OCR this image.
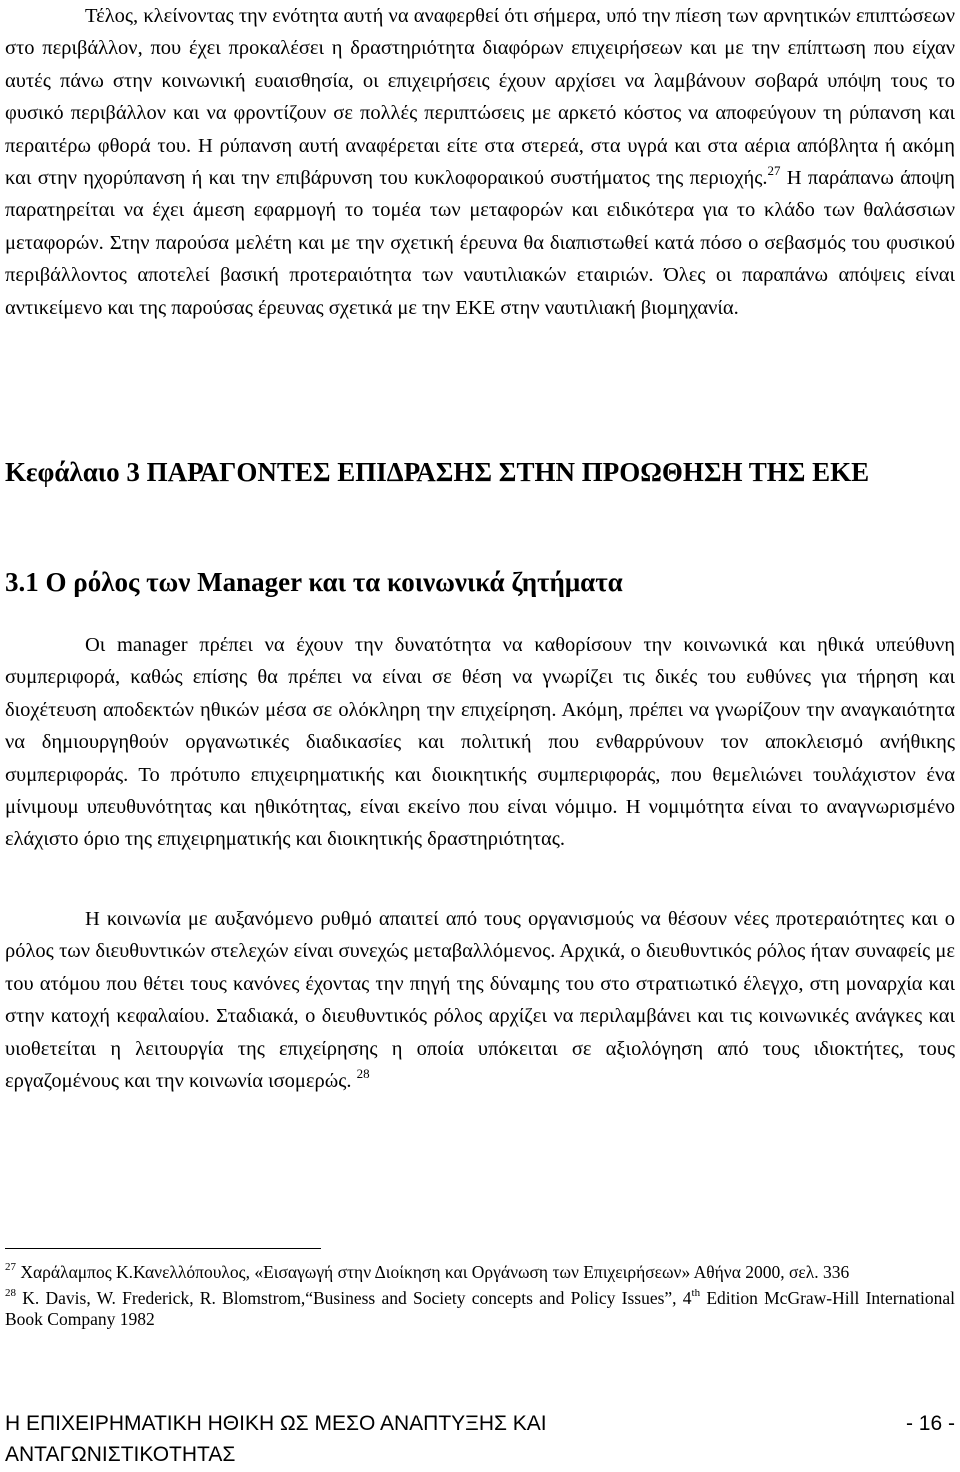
Τέλος, κλείνοντας την ενότητα αυτή να αναφερθεί ότι σήμερα, υπό την πίεση των αρνητικών επιπτώσεων στο περιβάλλον, που έχει προκαλέσει η δραστηριότητα διαφόρων επιχειρήσεων και με την επίπτωση που είχαν αυτές πάνω στην κοινωνική ευαισθησία, οι επιχειρήσεις έχουν αρχίσει να λαμβάνουν σοβαρά υπόψη τους το φυσικό περιβάλλον και να φροντίζουν σε πολλές περιπτώσεις με αρκετό κόστος να αποφεύγουν τη ρύπανση και περαιτέρω φθορά του. Η ρύπανση αυτή αναφέρεται είτε στα στερεά, στα υγρά και στα αέρια απόβλητα ή ακόμη και στην ηχορύπανση ή και την επιβάρυνση του κυκλοφοραικού συστήματος της περιοχής.$^{27}$ Η παράπανω άποψη παρατηρείται να έχει άμεση εφαρμογή το τομέα των μεταφορών και ειδικότερα για το κλάδο των θαλάσσιων μεταφορών. Στην παρούσα μελέτη και με την σχετική έρευνα θα διαπιστωθεί κατά πόσο ο σεβασμός του φυσικού περιβάλλοντος αποτελεί βασική προτεραιότητα των ναυτιλιακών εταιριών. Όλες οι παραπάνω απόψεις είναι αντικείμενο και της παρούσας έρευνας σχετικά με την ΕΚΕ στην ναυτιλιακή βιομηχανία.

Κεφάλαιο 3 ΠΑΡΑΓΟΝΤΕΣ ΕΠΙΔΡΑΣΗΣ ΣΤΗΝ ΠΡΟΩΘΗΣΗ ΤΗΣ ΕΚΕ
3.1 Ο ρόλος των Manager και τα κοινωνικά ζητήματα

Οι manager πρέπει να έχουν την δυνατότητα να καθορίσουν την κοινωνικά και ηθικά υπεύθυνη συμπεριφορά, καθώς επίσης θα πρέπει να είναι σε θέση να γνωρίζει τις δικές του ευθύνες για τήρηση και διοχέτευση αποδεκτών ηθικών μέσα σε ολόκληρη την επιχείρηση. Ακόμη, πρέπει να γνωρίζουν την αναγκαιότητα να δημιουργηθούν οργανωτικές διαδικασίες και πολιτική που ενθαρρύνουν τον αποκλεισμό ανήθικης συμπεριφοράς. Το πρότυπο επιχειρηματικής και διοικητικής συμπεριφοράς, που θεμελιώνει τουλάχιστον ένα μίνιμουμ υπευθυνότητας και ηθικότητας, είναι εκείνο που είναι νόμιμο. Η νομιμότητα είναι το αναγνωρισμένο ελάχιστο όριο της επιχειρηματικής και διοικητικής δραστηριότητας.

Η κοινωνία με αυξανόμενο ρυθμό απαιτεί από τους οργανισμούς να θέσουν νέες προτεραιότητες και ο ρόλος των διευθυντικών στελεχών είναι συνεχώς μεταβαλλόμενος. Αρχικά, ο διευθυντικός ρόλος ήταν συναφείς με του ατόμου που θέτει τους κανόνες έχοντας την πηγή της δύναμης του στο στρατιωτικό έλεγχο, στη μοναρχία και στην κατοχή κεφαλαίου. Σταδιακά, ο διευθυντικός ρόλος αρχίζει να περιλαμβάνει και τις κοινωνικές ανάγκες και υιοθετείται η λειτουργία της επιχείρησης η οποία υπόκειται σε αξιολόγηση από τους ιδιοκτήτες, τους εργαζομένους και την κοινωνία ισομερώς. $^{28}$

$^{27}$ Χαράλαμπος Κ.Κανελλόπουλος, «Εισαγωγή στην Διοίκηση και Οργάνωση των Επιχειρήσεων» Αθήνα 2000, σελ. 336

$^{28}$ K. Davis, W. Frederick, R. Blomstrom,“Business and Society concepts and Policy Issues”, 4th Edition McGraw-Hill International Book Company 1982

Η ΕΠΙΧΕΙΡΗΜΑΤΙΚΗ ΗΘΙΚΗ ΩΣ ΜΕΣΟ ΑΝΑΠΤΥΞΗΣ ΚΑΙ ΑΝΤΑΓΩΝΙΣΤΙΚΟΤΗΤΑΣ
- 16 -
